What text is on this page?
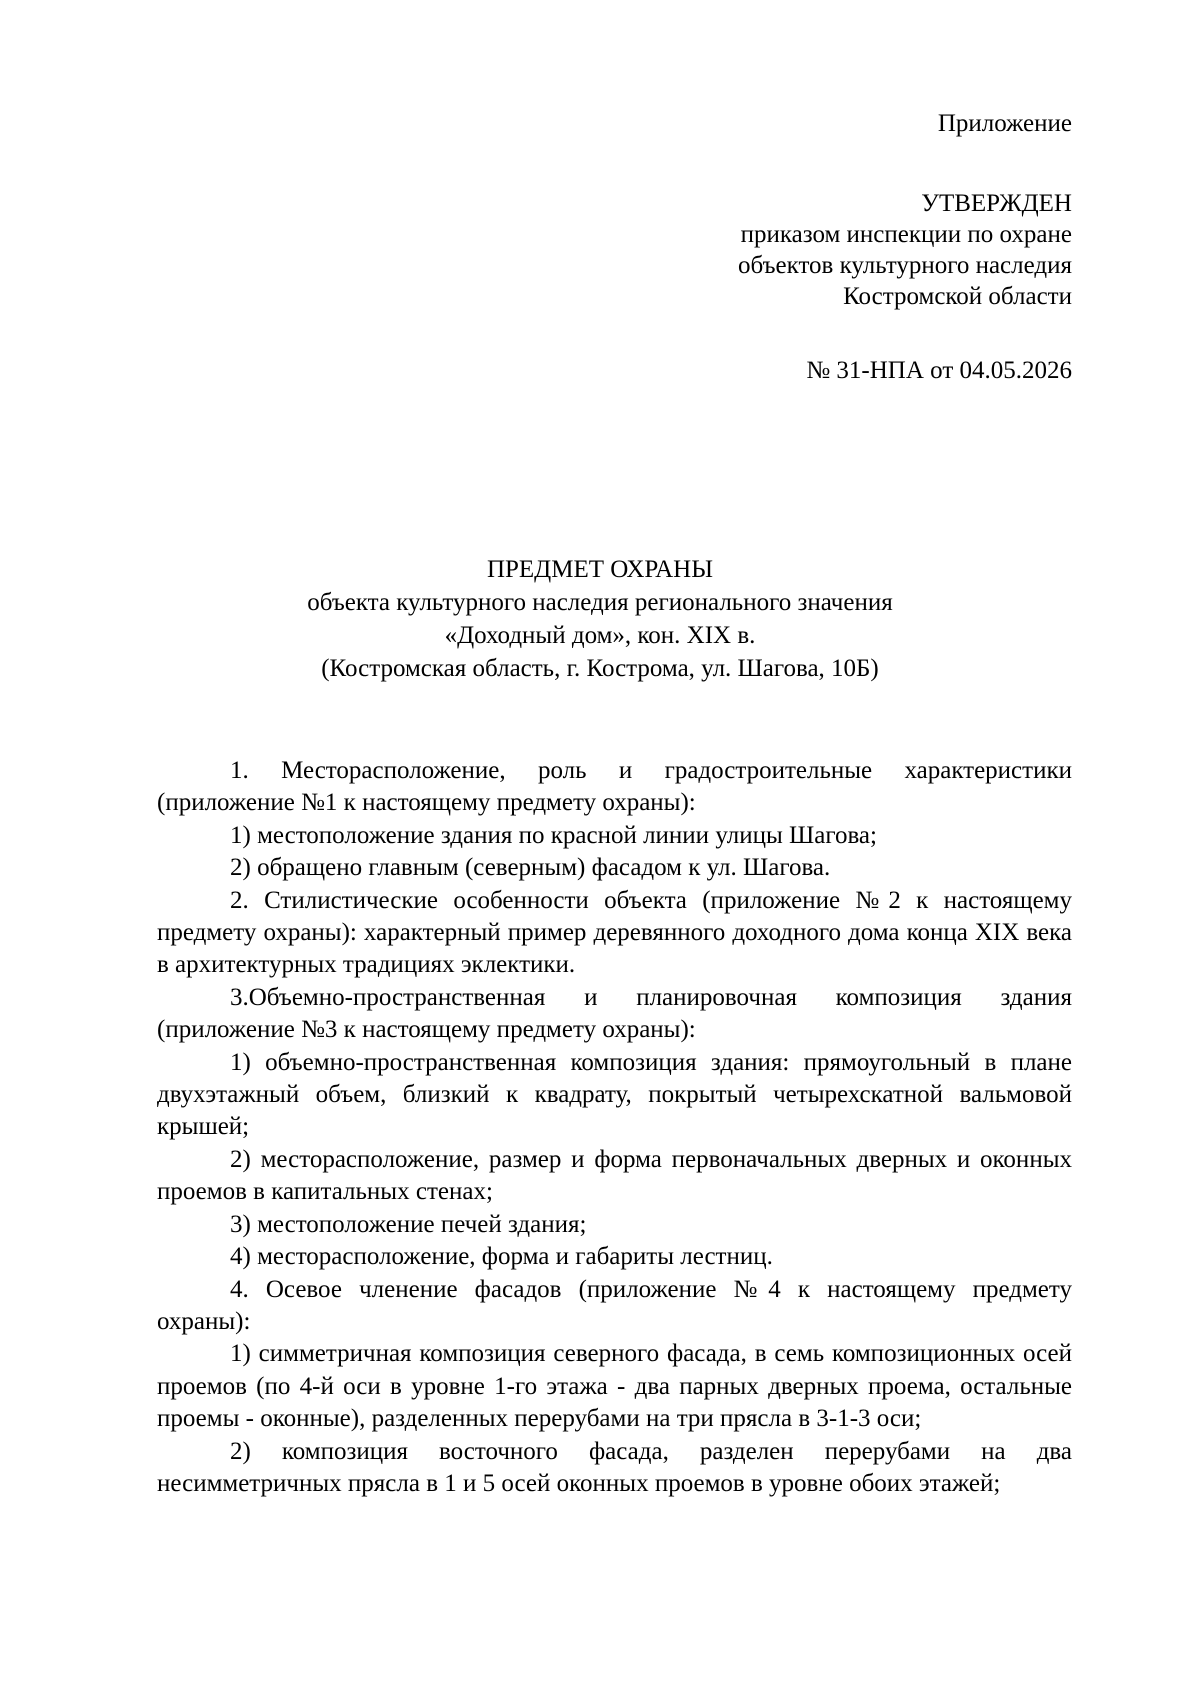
Приложение
УТВЕРЖДЕН
приказом инспекции по охране
объектов культурного наследия
Костромской области
№ 31-НПА от 04.05.2026
ПРЕДМЕТ ОХРАНЫ
объекта культурного наследия регионального значения
«Доходный дом», кон. XIX в.
(Костромская область, г. Кострома, ул. Шагова, 10Б)

1. Месторасположение, роль и градостроительные характеристики (приложение №1 к настоящему предмету охраны):

1) местоположение здания по красной линии улицы Шагова;

2) обращено главным (северным) фасадом к ул. Шагова.

2. Стилистические особенности объекта (приложение №2 к настоящему предмету охраны): характерный пример деревянного доходного дома конца XIX века в архитектурных традициях эклектики.

3.Объемно-пространственная и планировочная композиция здания (приложение №3 к настоящему предмету охраны):

1) объемно-пространственная композиция здания: прямоугольный в плане двухэтажный объем, близкий к квадрату, покрытый четырехскатной вальмовой крышей;

2) месторасположение, размер и форма первоначальных дверных и оконных проемов в капитальных стенах;

3) местоположение печей здания;

4) месторасположение, форма и габариты лестниц.

4. Осевое членение фасадов (приложение №4 к настоящему предмету охраны):

1) симметричная композиция северного фасада, в семь композиционных осей проемов (по 4-й оси в уровне 1-го этажа - два парных дверных проема, остальные проемы - оконные), разделенных перерубами на три прясла в 3-1-3 оси;

2) композиция восточного фасада, разделен перерубами на два несимметричных прясла в 1 и 5 осей оконных проемов в уровне обоих этажей;
